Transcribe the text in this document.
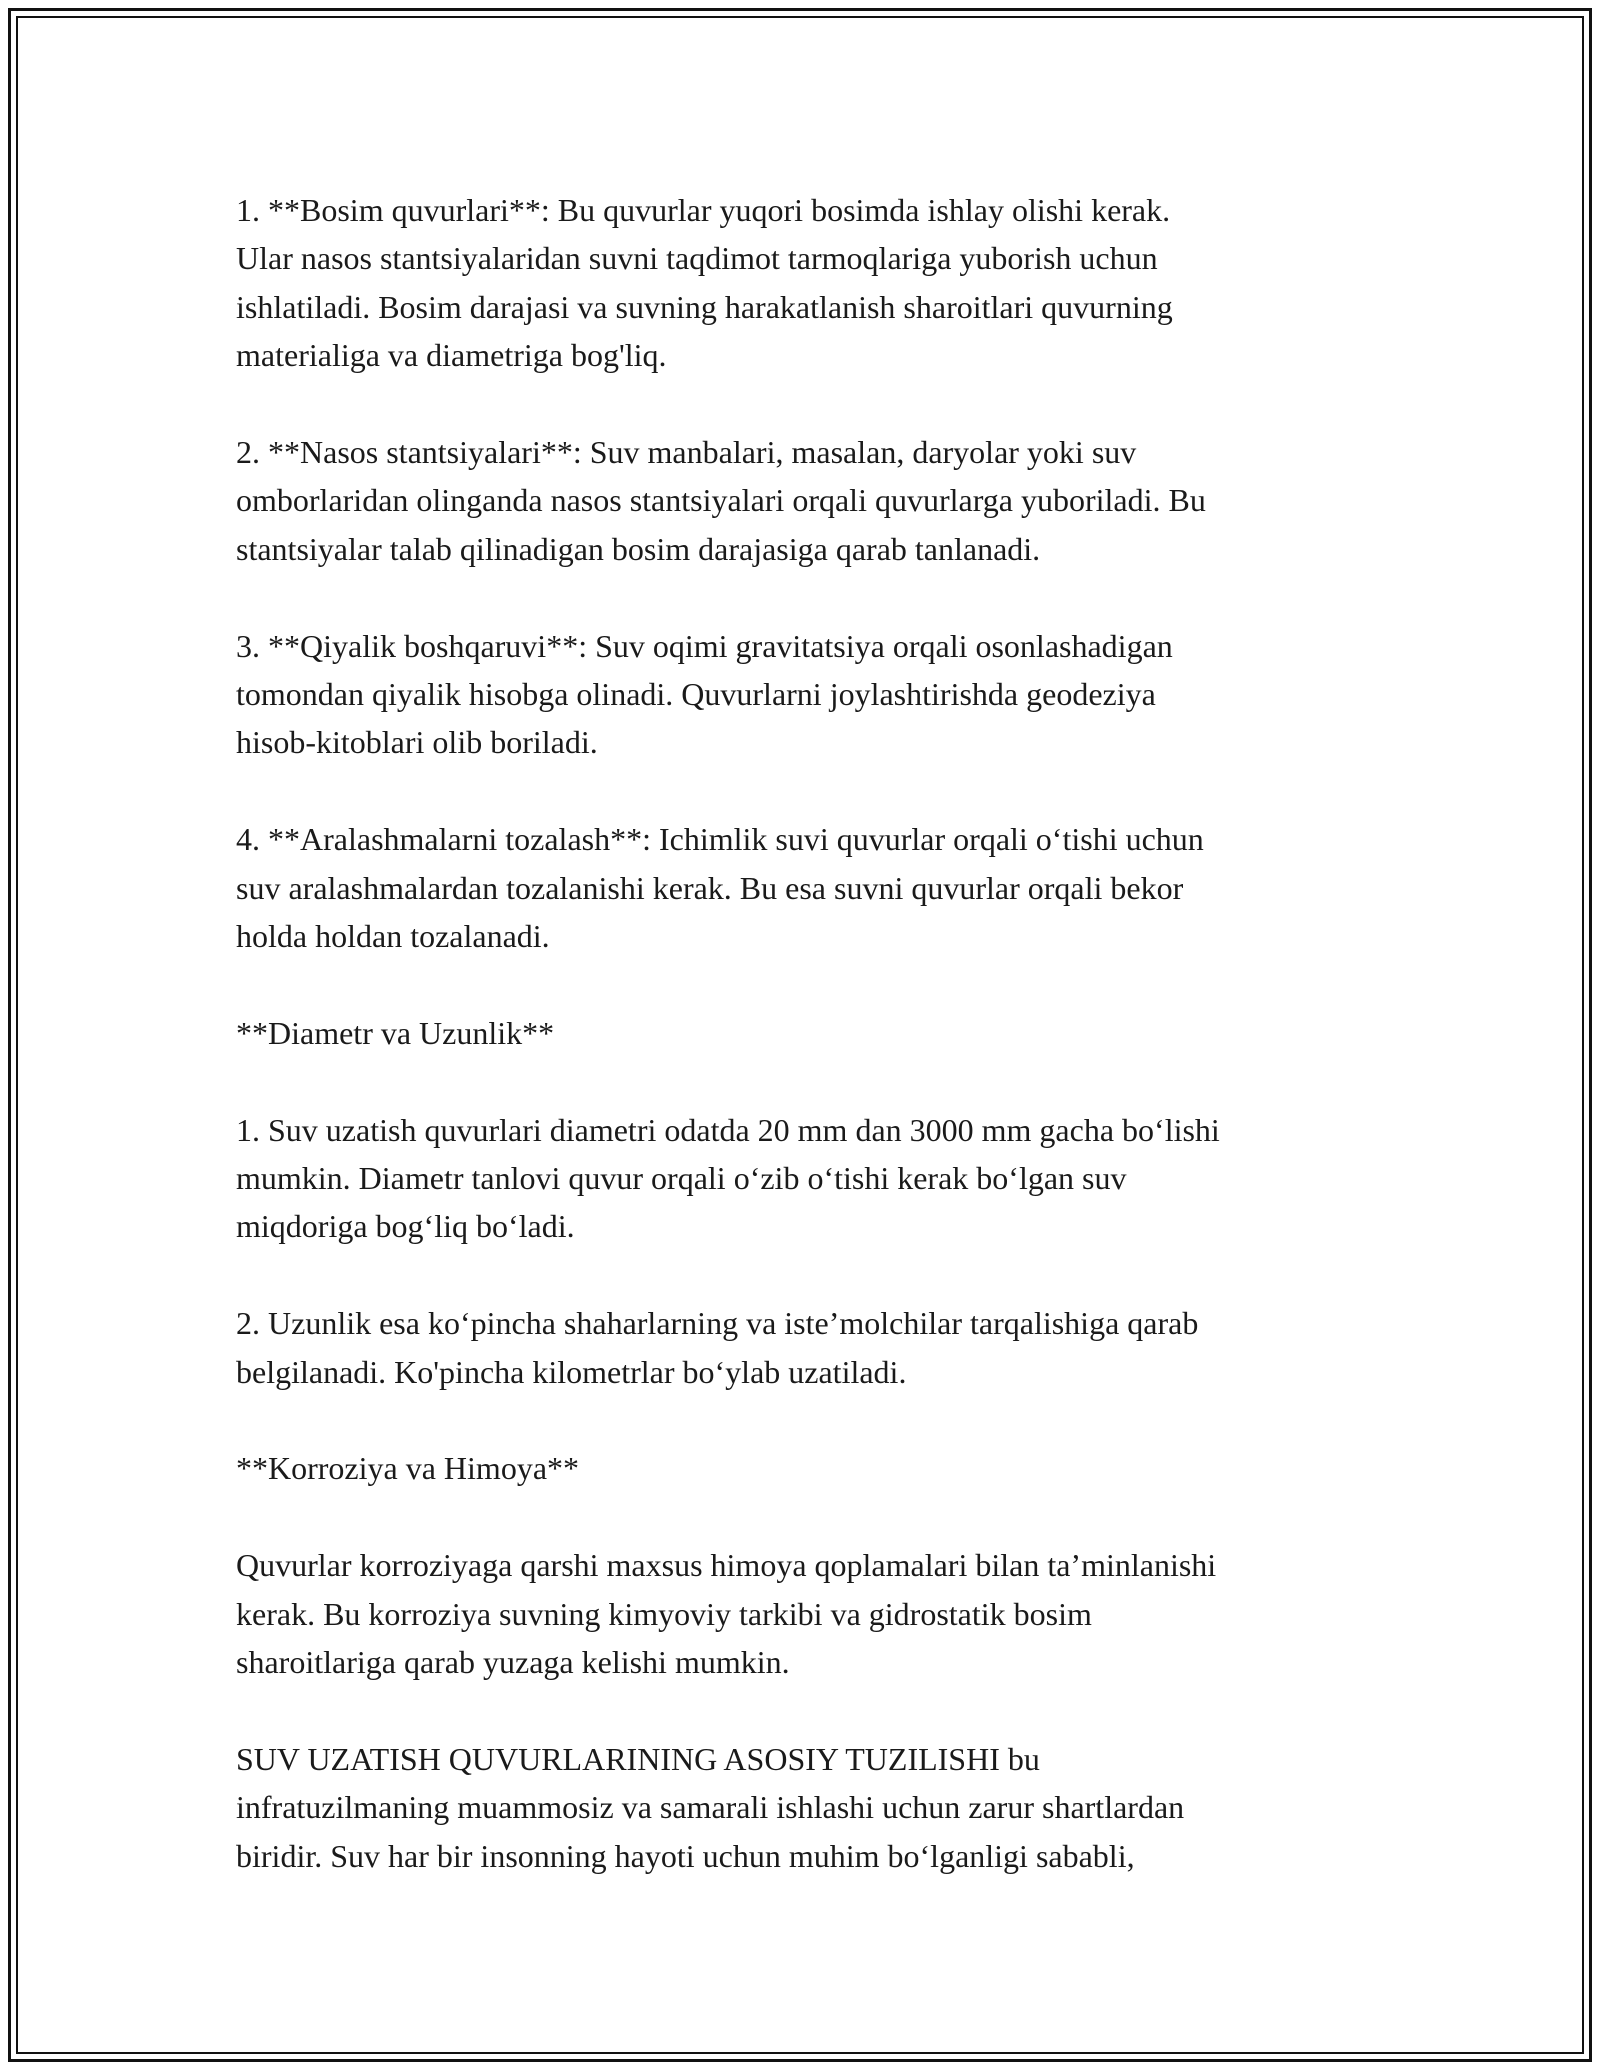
1. **Bosim quvurlari**: Bu quvurlar yuqori bosimda ishlay olishi kerak.
Ular nasos stantsiyalaridan suvni taqdimot tarmoqlariga yuborish uchun
ishlatiladi. Bosim darajasi va suvning harakatlanish sharoitlari quvurning
materialiga va diametriga bog'liq.

2. **Nasos stantsiyalari**: Suv manbalari, masalan, daryolar yoki suv
omborlaridan olinganda nasos stantsiyalari orqali quvurlarga yuboriladi. Bu
stantsiyalar talab qilinadigan bosim darajasiga qarab tanlanadi.

3. **Qiyalik boshqaruvi**: Suv oqimi gravitatsiya orqali osonlashadigan
tomondan qiyalik hisobga olinadi. Quvurlarni joylashtirishda geodeziya
hisob-kitoblari olib boriladi.

4. **Aralashmalarni tozalash**: Ichimlik suvi quvurlar orqali o‘tishi uchun
suv aralashmalardan tozalanishi kerak. Bu esa suvni quvurlar orqali bekor
holda holdan tozalanadi.

**Diametr va Uzunlik**

1. Suv uzatish quvurlari diametri odatda 20 mm dan 3000 mm gacha bo‘lishi
mumkin. Diametr tanlovi quvur orqali o‘zib o‘tishi kerak bo‘lgan suv
miqdoriga bog‘liq bo‘ladi.

2. Uzunlik esa ko‘pincha shaharlarning va iste’molchilar tarqalishiga qarab
belgilanadi. Ko'pincha kilometrlar bo‘ylab uzatiladi.

**Korroziya va Himoya**

Quvurlar korroziyaga qarshi maxsus himoya qoplamalari bilan ta’minlanishi
kerak. Bu korroziya suvning kimyoviy tarkibi va gidrostatik bosim
sharoitlariga qarab yuzaga kelishi mumkin.

SUV UZATISH QUVURLARINING ASOSIY TUZILISHI bu
infratuzilmaning muammosiz va samarali ishlashi uchun zarur shartlardan
biridir. Suv har bir insonning hayoti uchun muhim bo‘lganligi sababli,
